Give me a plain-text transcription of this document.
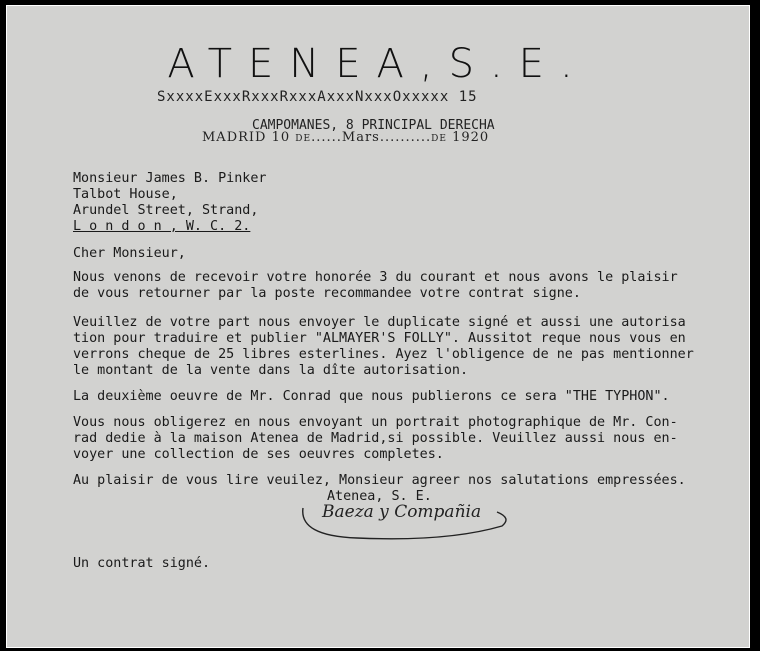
ATENEA,S.E.
SxxxxExxxRxxxRxxxAxxxNxxxOxxxxx 15
CAMPOMANES, 8 PRINCIPAL DERECHA
MADRID 10 DE......Mars..........DE 1920
Monsieur James B. Pinker
Talbot House,
Arundel Street, Strand,
L o n d o n , W. C. 2.
Cher Monsieur,
Nous venons de recevoir votre honorée 3 du courant et nous avons le plaisir
de vous retourner par la poste recommandee votre contrat signe.
Veuillez de votre part nous envoyer le duplicate signé et aussi une autorisa
tion pour traduire et publier "ALMAYER'S FOLLY". Aussitot reque nous vous en
verrons cheque de 25 libres esterlines. Ayez l'obligence de ne pas mentionner
le montant de la vente dans la dîte autorisation.
La deuxième oeuvre de Mr. Conrad que nous publierons ce sera "THE TYPHON".
Vous nous obligerez en nous envoyant un portrait photographique de Mr. Con-
rad dedie à la maison Atenea de Madrid,si possible. Veuillez aussi nous en-
voyer une collection de ses oeuvres completes.
Au plaisir de vous lire veuilez, Monsieur agreer nos salutations empressées.
Atenea, S. E.
Baeza y Compañia
Un contrat signé.
